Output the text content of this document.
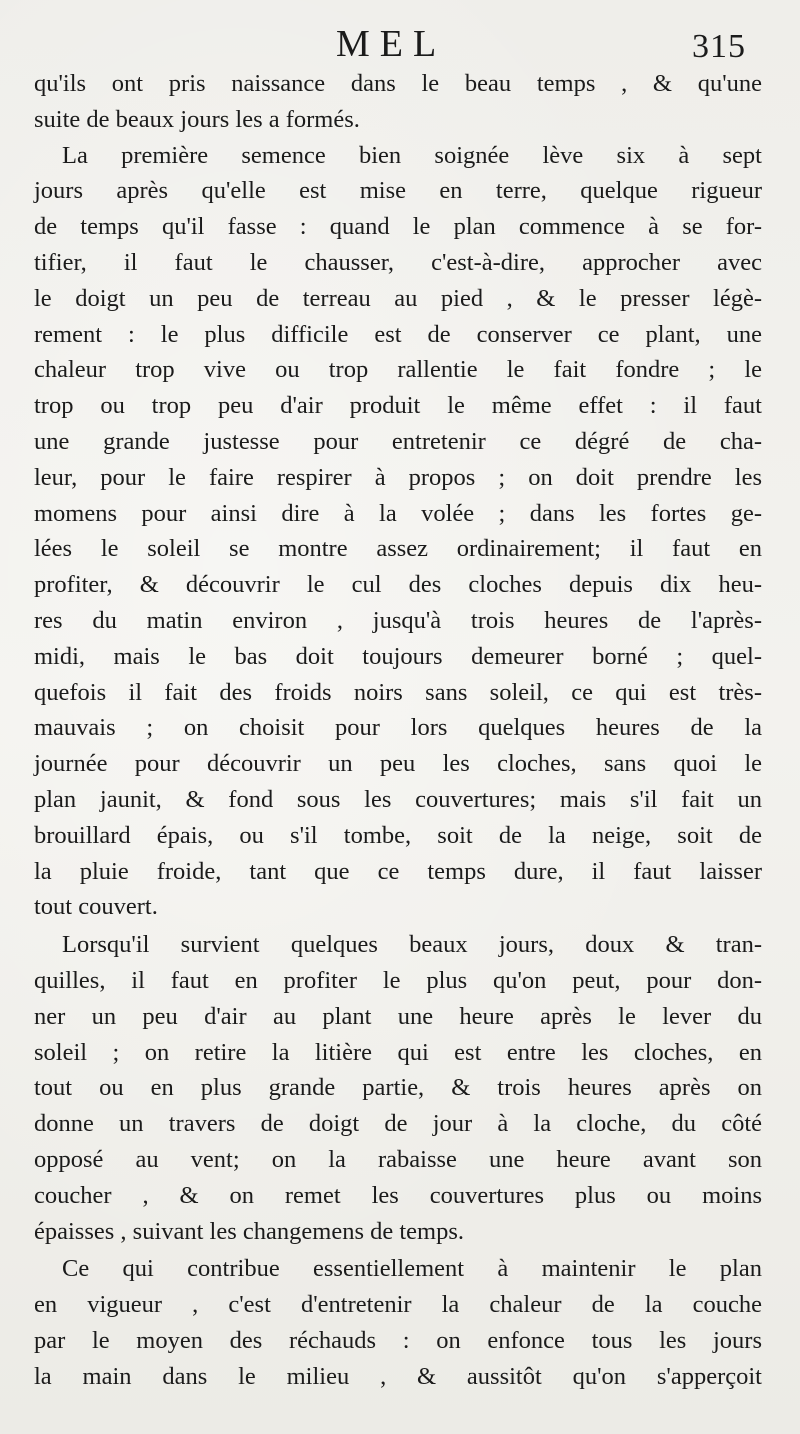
MEL	315
qu'ils ont pris naissance dans le beau temps , & qu'une
suite de beaux jours les a formés.
La première semence bien soignée lève six à sept
jours après qu'elle est mise en terre, quelque rigueur
de temps qu'il fasse : quand le plan commence à se for-
tifier, il faut le chausser, c'est-à-dire, approcher avec
le doigt un peu de terreau au pied , & le presser légè-
rement : le plus difficile est de conserver ce plant, une
chaleur trop vive ou trop rallentie le fait fondre ; le
trop ou trop peu d'air produit le même effet : il faut
une grande justesse pour entretenir ce dégré de cha-
leur, pour le faire respirer à propos ; on doit prendre les
momens pour ainsi dire à la volée ; dans les fortes ge-
lées le soleil se montre assez ordinairement; il faut en
profiter, & découvrir le cul des cloches depuis dix heu-
res du matin environ , jusqu'à trois heures de l'après-
midi, mais le bas doit toujours demeurer borné ; quel-
quefois il fait des froids noirs sans soleil, ce qui est très-
mauvais ; on choisit pour lors quelques heures de la
journée pour découvrir un peu les cloches, sans quoi le
plan jaunit, & fond sous les couvertures; mais s'il fait un
brouillard épais, ou s'il tombe, soit de la neige, soit de
la pluie froide, tant que ce temps dure, il faut laisser
tout couvert.
Lorsqu'il survient quelques beaux jours, doux & tran-
quilles, il faut en profiter le plus qu'on peut, pour don-
ner un peu d'air au plant une heure après le lever du
soleil ; on retire la litière qui est entre les cloches, en
tout ou en plus grande partie, & trois heures après on
donne un travers de doigt de jour à la cloche, du côté
opposé au vent; on la rabaisse une heure avant son
coucher , & on remet les couvertures plus ou moins
épaisses , suivant les changemens de temps.
Ce qui contribue essentiellement à maintenir le plan
en vigueur , c'est d'entretenir la chaleur de la couche
par le moyen des réchauds : on enfonce tous les jours
la main dans le milieu , & aussitôt qu'on s'apperçoit
